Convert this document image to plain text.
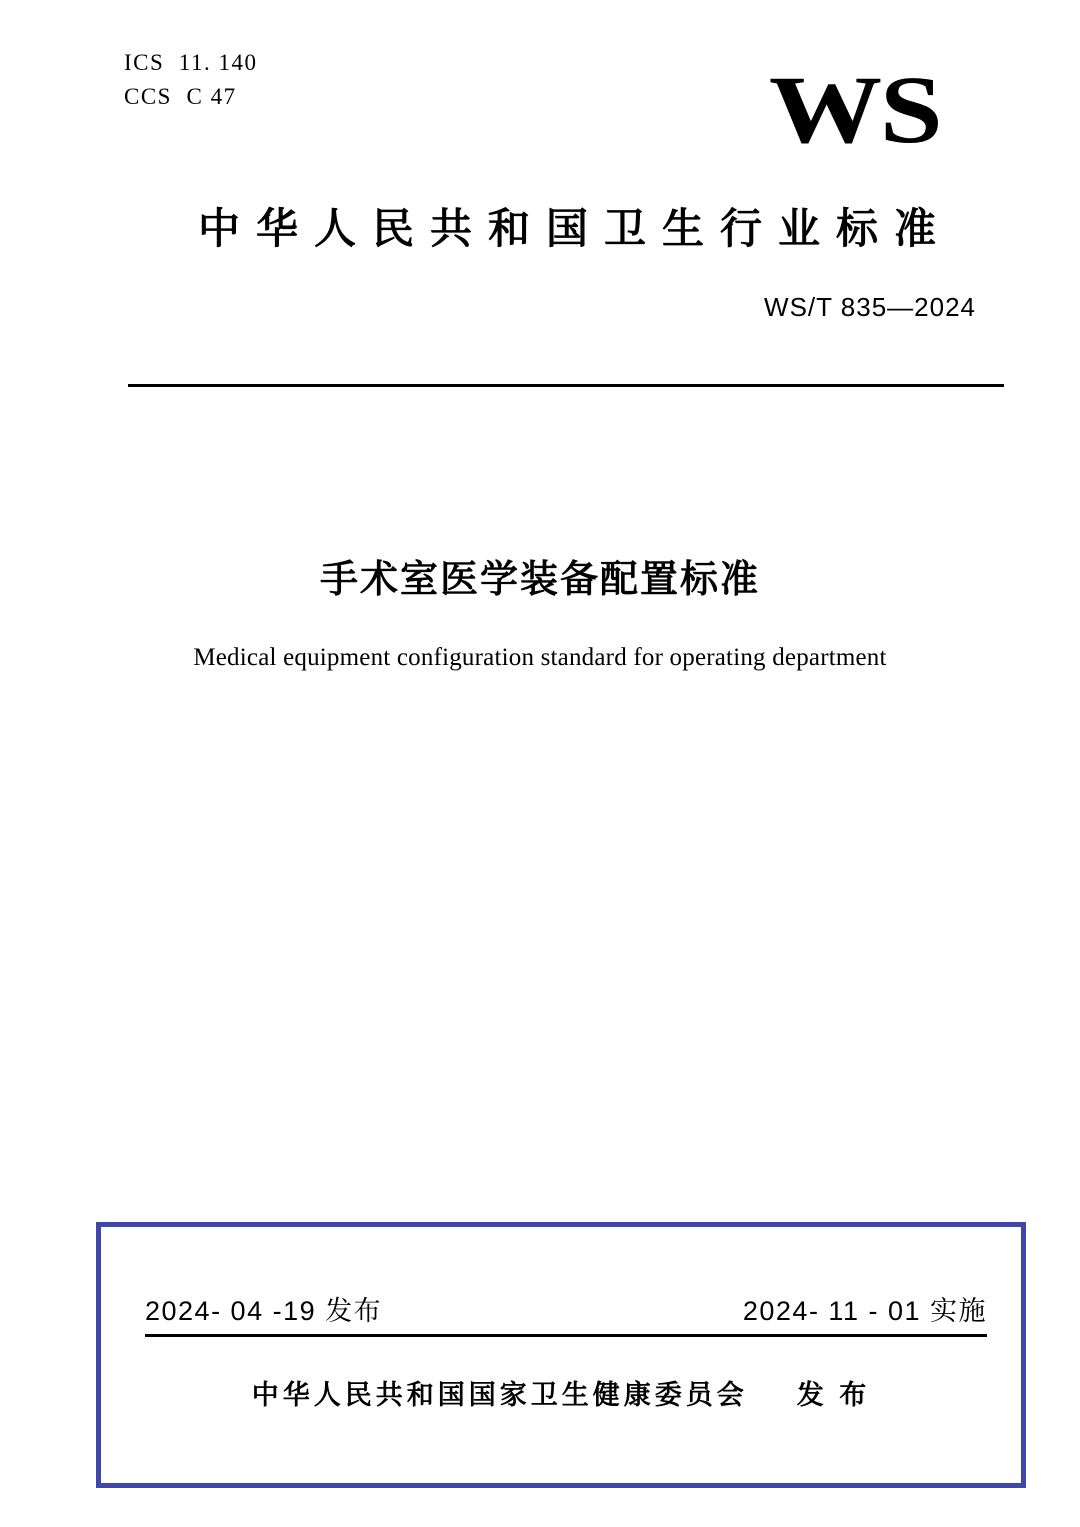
ICS  11. 140
CCS  C 47	WS
中华人民共和国卫生行业标准
WS/T 835—2024
手术室医学装备配置标准
Medical equipment configuration standard for operating department
2024- 04 -19 发布	2024- 11 - 01 实施
中华人民共和国国家卫生健康委员会 发 布
